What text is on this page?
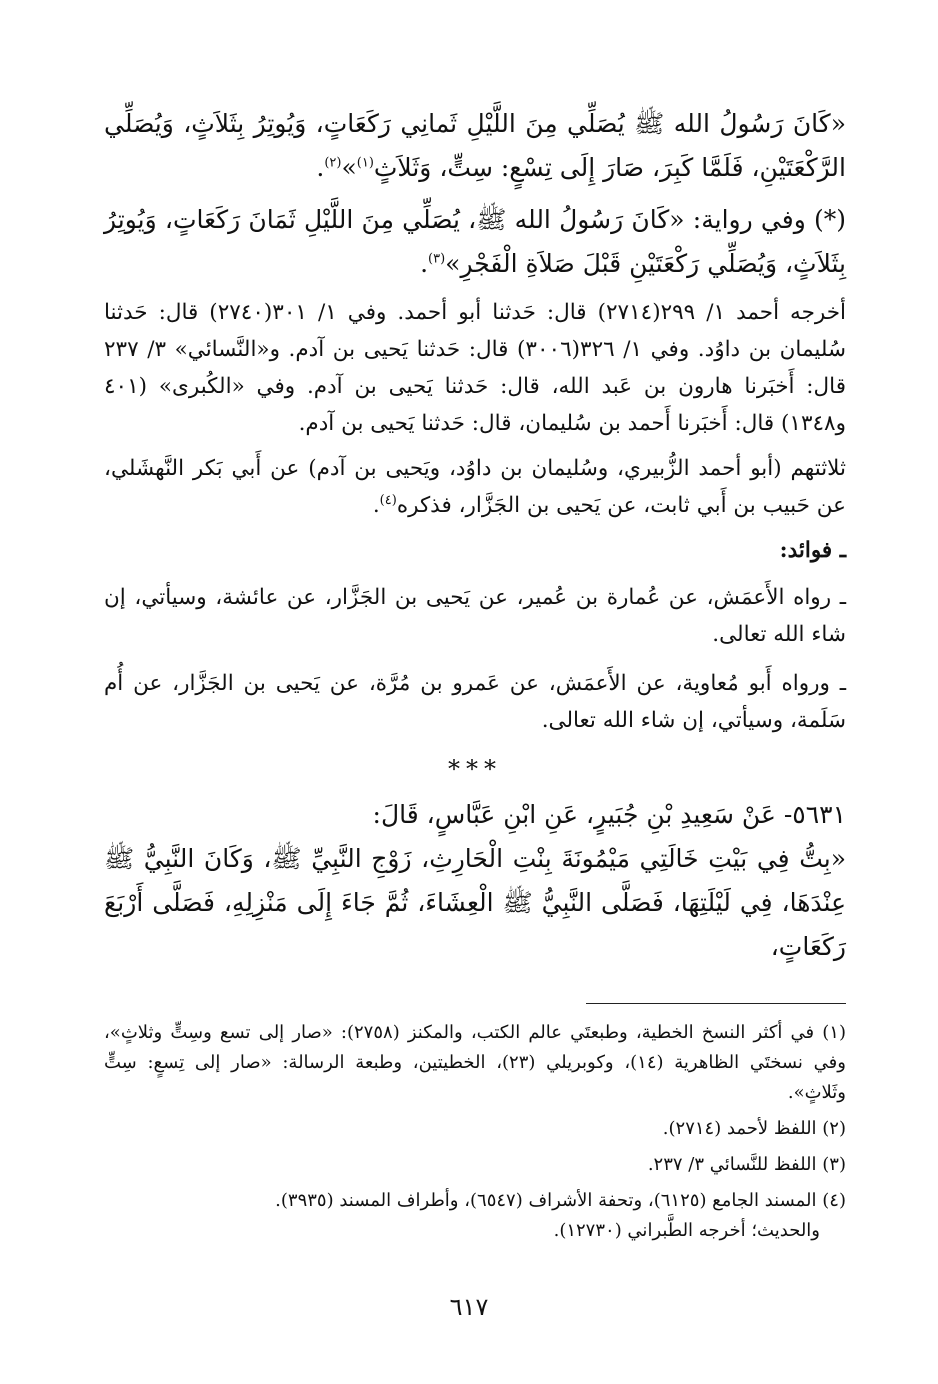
«كَانَ رَسُولُ الله ﷺ يُصَلِّي مِنَ اللَّيْلِ ثَمانِي رَكَعَاتٍ، وَيُوتِرُ بِثَلاَثٍ، وَيُصَلِّي الرَّكْعَتَيْنِ، فَلَمَّا كَبِرَ، صَارَ إِلَى تِسْعٍ: سِتٍّ، وَثَلاَثٍ$^{(١)}$»$^{(٢)}$.

(*) وفي رواية: «كَانَ رَسُولُ الله ﷺ، يُصَلِّي مِنَ اللَّيْلِ ثَمَانَ رَكَعَاتٍ، وَيُوتِرُ بِثَلاَثٍ، وَيُصَلِّي رَكْعَتَيْنِ قَبْلَ صَلاَةِ الْفَجْرِ»$^{(٣)}$.

أخرجه أحمد ١/ ٢٩٩(٢٧١٤) قال: حَدثنا أبو أحمد. وفي ١/ ٣٠١(٢٧٤٠) قال: حَدثنا سُليمان بن داوُد. وفي ١/ ٣٢٦(٣٠٠٦) قال: حَدثنا يَحيى بن آدم. و«النَّسائي» ٣/ ٢٣٧ قال: أَخبَرنا هارون بن عَبد الله، قال: حَدثنا يَحيى بن آدم. وفي «الكُبرى» (٤٠١ و١٣٤٨) قال: أَخبَرنا أَحمد بن سُليمان، قال: حَدثنا يَحيى بن آدم.

ثلاثتهم (أبو أحمد الزُّبيري، وسُليمان بن داوُد، ويَحيى بن آدم) عن أَبي بَكر النَّهشَلي، عن حَبيب بن أَبي ثابت، عن يَحيى بن الجَزَّار، فذكره$^{(٤)}$.

ـ فوائد:

ـ رواه الأَعمَش، عن عُمارة بن عُمير، عن يَحيى بن الجَزَّار، عن عائشة، وسيأتي، إن شاء الله تعالى.

ـ ورواه أَبو مُعاوية، عن الأَعمَش، عن عَمرو بن مُرَّة، عن يَحيى بن الجَزَّار، عن أُم سَلَمة، وسيأتي، إن شاء الله تعالى.

***

٥٦٣١- عَنْ سَعِيدِ بْنِ جُبَيرٍ، عَنِ ابْنِ عَبَّاسٍ، قَالَ:

«بِتُّ فِي بَيْتِ خَالَتِي مَيْمُونَةَ بِنْتِ الْحَارِثِ، زَوْجِ النَّبِيِّ ﷺ، وَكَانَ النَّبِيُّ ﷺ عِنْدَهَا، فِي لَيْلَتِهَا، فَصَلَّى النَّبِيُّ ﷺ الْعِشَاءَ، ثُمَّ جَاءَ إِلَى مَنْزِلِهِ، فَصَلَّى أَرْبَعَ رَكَعَاتٍ،

(١) في أكثر النسخ الخطية، وطبعتَي عالم الكتب، والمكنز (٢٧٥٨): «صار إلى تسع وسِتٍّ وثلاثٍ»، وفي نسختَي الظاهرية (١٤)، وكوبريلي (٢٣)، الخطيتين، وطبعة الرسالة: «صار إلى تِسعٍ: سِتٍّ وثَلاثٍ».

(٢) اللفظ لأحمد (٢٧١٤).

(٣) اللفظ للنَّسائي ٣/ ٢٣٧.

(٤) المسند الجامع (٦١٢٥)، وتحفة الأشراف (٦٥٤٧)، وأطراف المسند (٣٩٣٥).

والحديث؛ أخرجه الطَّبراني (١٢٧٣٠).

٦١٧
